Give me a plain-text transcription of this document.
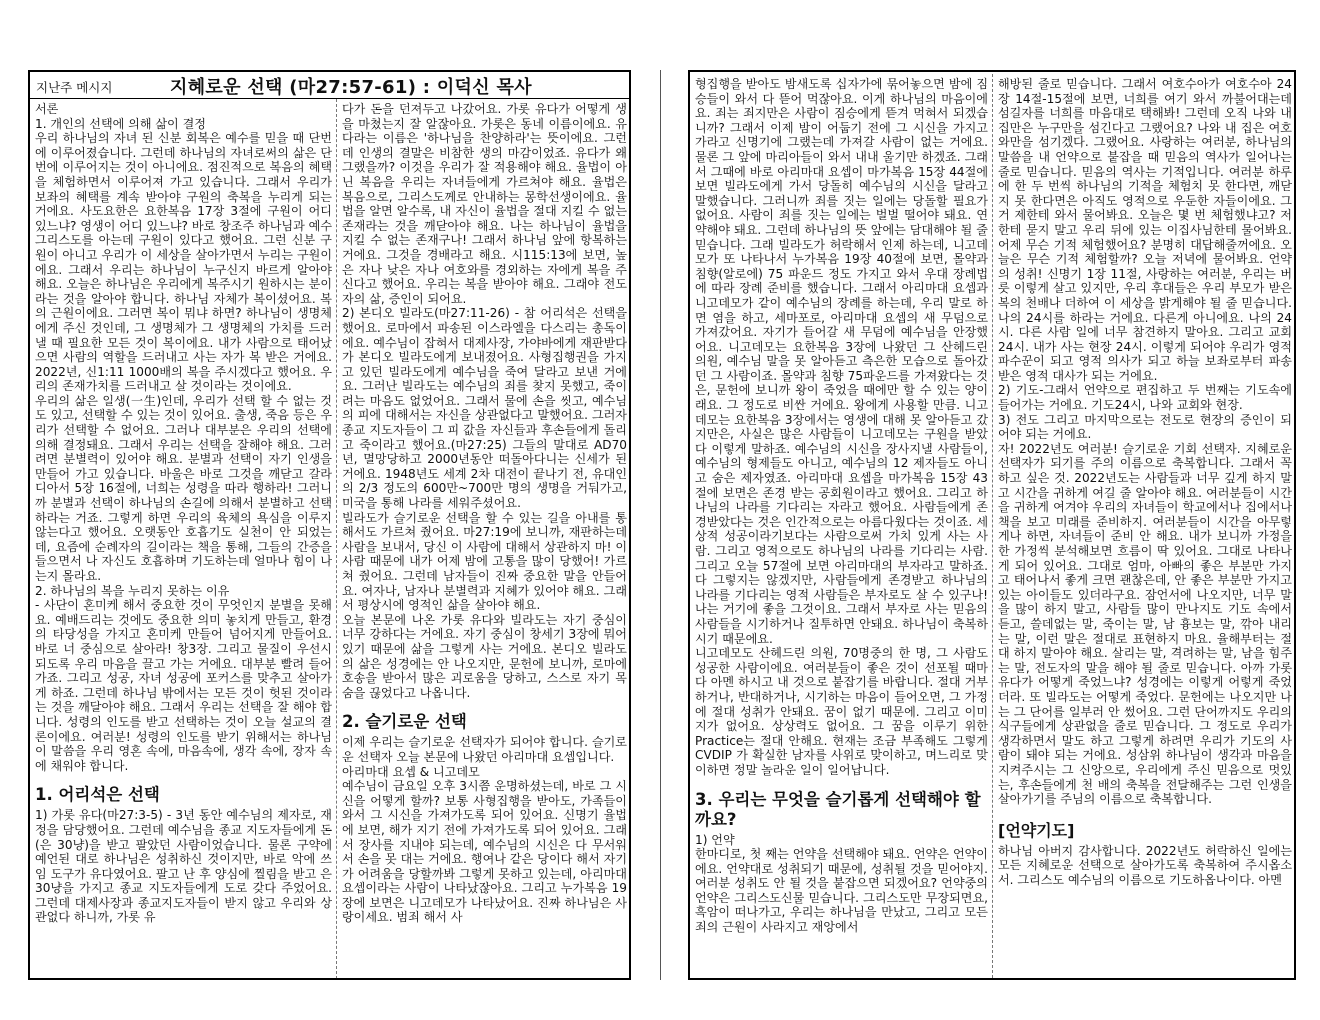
지난주 메시지	지혜로운 선택 (마27:57-61) : 이덕신 목사

서론

1. 개인의 선택에 의해 삶이 결정

우리 하나님의 자녀 된 신분 회복은 예수를 믿을 때 단번에 이루어졌습니다. 그런데 하나님의 자녀로써의 삶은 단번에 이루어지는 것이 아니에요. 점진적으로 복음의 혜택을 체험하면서 이루어져 가고 있습니다. 그래서 우리가 보좌의 혜택를 계속 받아야 구원의 축복을 누리게 되는 거에요. 사도요한은 요한복음 17장 3절에 구원이 어디 있느냐? 영생이 어디 있느냐? 바로 창조주 하나님과 예수 그리스도를 아는데 구원이 있다고 했어요. 그런 신분 구원이 아니고 우리가 이 세상을 살아가면서 누리는 구원이에요. 그래서 우리는 하나님이 누구신지 바르게 알아야 해요. 오늘은 하나님은 우리에게 복주시기 원하시는 분이라는 것을 알아야 합니다. 하나님 자체가 복이셨어요. 복의 근원이에요. 그러면 복이 뭐냐 하면? 하나님이 생명체에게 주신 것인데, 그 생명체가 그 생명체의 가치를 드러낼 때 필요한 모든 것이 복이에요. 내가 사람으로 태어났으면 사람의 역할을 드러내고 사는 자가 복 받은 거에요. 2022년, 신1:11 1000배의 복을 주시겠다고 했어요. 우리의 존재가치를 드러내고 살 것이라는 것이에요.

우리의 삶은 일생(一生)인데, 우리가 선택 할 수 없는 것도 있고, 선택할 수 있는 것이 있어요. 출생, 죽음 등은 우리가 선택할 수 없어요. 그러나 대부분은 우리의 선택에 의해 결정돼요. 그래서 우리는 선택을 잘해야 해요. 그러려면 분별력이 있어야 해요. 분별과 선택이 자기 인생을 만들어 가고 있습니다. 바울은 바로 그것을 깨닫고 갈라디아서 5장 16절에, 너희는 성령을 따라 행하라! 그러니까 분별과 선택이 하나님의 손길에 의해서 분별하고 선택하라는 거죠. 그렇게 하면 우리의 육체의 욕심을 이루지 않는다고 했어요. 오랫동안 호흡기도 실천이 안 되었는데, 요즘에 순례자의 길이라는 책을 통해, 그들의 간증을 들으면서 나 자신도 호흡하며 기도하는데 얼마나 힘이 나는지 몰라요.

2. 하나님의 복을 누리지 못하는 이유

- 사단이 혼미케 해서 중요한 것이 무엇인지 분별을 못해요. 예배드리는 것에도 중요한 의미 놓치게 만들고, 환경의 타당성을 가지고 혼미케 만들어 넘어지게 만들어요. 바로 너 중심으로 살아라! 창3장. 그리고 물질이 우선시 되도록 우리 마음을 끌고 가는 거에요. 대부분 빨려 들어가죠. 그리고 성공, 자녀 성공에 포커스를 맞추고 살아가게 하죠. 그런데 하나님 밖에서는 모든 것이 헛된 것이라는 것을 깨달아야 해요. 그래서 우리는 선택을 잘 해야 합니다. 성령의 인도를 받고 선택하는 것이 오늘 설교의 결론이에요. 여러분! 성령의 인도를 받기 위해서는 하나님이 말씀을 우리 영혼 속에, 마음속에, 생각 속에, 장자 속에 채워야 합니다.

1. 어리석은 선택

1) 가롯 유다(마27:3-5) - 3년 동안 예수님의 제자로, 재정을 담당했어요. 그런데 예수님을 종교 지도자들에게 돈(은 30냥)을 받고 팔았던 사람이었습니다. 물론 구약에 예언된 대로 하나님은 성취하신 것이지만, 바로 악에 쓰임 도구가 유다였어요. 팔고 난 후 양심에 찔림을 받고 은 30냥을 가지고 종교 지도자들에게 도로 갖다 주었어요. 그런데 대제사장과 종교지도자들이 받지 않고 우리와 상관없다 하니까, 가롯 유

다가 돈을 던져두고 나갔어요. 가롯 유다가 어떻게 생을 마쳤는지 잘 알잖아요. 가롯은 동네 이름이에요. 유다라는 이름은 '하나님을 찬양하라'는 뜻이에요. 그런데 인생의 결말은 비참한 생의 마감이었죠. 유다가 왜 그랬을까? 이것을 우리가 잘 적용해야 해요. 율법이 아닌 복음을 우리는 자녀들에게 가르쳐야 해요. 율법은 복음으로, 그리스도께로 안내하는 몽학선생이에요. 율법을 알면 알수록, 내 자신이 율법을 절대 지킬 수 없는 존재라는 것을 깨닫아야 해요. 나는 하나님이 율법을 지킬 수 없는 존재구나! 그래서 하나님 앞에 항복하는 거에요. 그것을 경배라고 해요. 시115:13에 보면, 높은 자나 낮은 자나 여호와를 경외하는 자에게 복을 주신다고 했어요. 우리는 복을 받아야 해요. 그래야 전도자의 삶, 증인이 되어요.

2) 본디오 빌라도(마27:11-26) - 참 어리석은 선택을 했어요. 로마에서 파송된 이스라엘을 다스리는 총독이에요. 예수님이 잡혀서 대제사장, 가야바에게 재판받다가 본디오 빌라도에게 보내졌어요. 사형집행권을 가지고 있던 빌라도에게 예수님을 죽여 달라고 보낸 거에요. 그러난 빌라도는 예수님의 죄를 찾지 못했고, 죽이려는 마음도 없었어요. 그래서 물에 손을 씻고, 예수님의 피에 대해서는 자신을 상관없다고 말했어요. 그러자 종교 지도자들이 그 피 값을 자신들과 후손들에게 돌리고 죽이라고 했어요.(마27:25) 그들의 말대로 AD70년, 멸망당하고 2000년동안 떠돌아다니는 신세가 된 거에요. 1948년도 세계 2차 대전이 끝나기 전, 유대인의 2/3 정도의 600만~700만 명의 생명을 거둬가고, 미국을 통해 나라를 세워주셨어요.

빌라도가 슬기로운 선택을 할 수 있는 길을 아내를 통해서도 가르쳐 줬어요. 마27:19에 보니까, 재판하는데 사람을 보내서, 당신 이 사람에 대해서 상관하지 마! 이 사람 때문에 내가 어제 밤에 고통을 많이 당했어! 가르쳐 줬어요. 그런데 남자들이 진짜 중요한 말을 안들어요. 여자나, 남자나 분별력과 지혜가 있어야 해요. 그래서 평상시에 영적인 삶을 살아야 해요.

오늘 본문에 나온 가롯 유다와 빌라도는 자기 중심이 너무 강하다는 거에요. 자기 중심이 창세기 3장에 뭐어있기 때문에 삶을 그렇게 사는 거에요. 본디오 빌라도의 삶은 성경에는 안 나오지만, 문헌에 보니까, 로마에 호송을 받아서 많은 괴로움을 당하고, 스스로 자기 목숨을 끊었다고 나옵니다.

2. 슬기로운 선택

이제 우리는 슬기로운 선택자가 되어야 합니다. 슬기로운 선택자 오늘 본문에 나왔던 아리마대 요셉입니다.

아리마대 요셉 & 니고데모

예수님이 금요일 오후 3시쯤 운명하셨는데, 바로 그 시신을 어떻게 할까? 보통 사형집행을 받아도, 가족들이 와서 그 시신을 가져가도록 되어 있어요. 신명기 율법에 보면, 해가 지기 전에 가져가도록 되어 있어요. 그래서 장사를 지내야 되는데, 예수님의 시신은 다 무서워서 손을 못 대는 거에요. 행여나 같은 당이다 해서 자기가 어려움을 당할까봐 그렇게 못하고 있는데, 아리마대 요셉이라는 사람이 나타났잖아요. 그리고 누가복음 19장에 보면은 니고데모가 나타났어요. 진짜 하나님은 사랑이세요. 범죄 해서 사

형집행을 받아도 밤새도록 십자가에 묶어놓으면 밤에 짐승들이 와서 다 뜯어 먹잖아요. 이게 하나님의 마음이에요. 죄는 죄지만은 사람이 짐승에게 뜯겨 먹혀서 되겠습니까? 그래서 이제 밤이 어둡기 전에 그 시신을 가지고 가라고 신명기에 그랬는데 가져갈 사람이 없는 거에요. 물론 그 앞에 마리아들이 와서 내내 울기만 하겠죠. 그래서 그때에 바로 아리마대 요셉이 마가복음 15장 44절에 보면 빌라도에게 가서 당돌히 예수님의 시신을 달라고 말했습니다. 그러니까 죄를 짓는 일에는 당돌할 필요가 없어요. 사람이 죄를 짓는 일에는 벌벌 떨어야 돼요. 연약해야 돼요. 그런데 하나님의 뜻 앞에는 담대해야 될 줄 믿습니다. 그래 빌라도가 허락해서 인제 하는데, 니고데모가 또 나타나서 누가복음 19장 40절에 보면, 몰약과 침향(알로에) 75 파운드 정도 가지고 와서 우대 장례법에 따라 장례 준비를 했습니다. 그래서 아리마대 요셉과 니고데모가 같이 예수님의 장례를 하는데, 우리 말로 하면 염을 하고, 세마포로, 아리마대 요셉의 새 무덤으로 가져갔어요. 자기가 들어갈 새 무덤에 예수님을 안장했어요. 니고데모는 요한복음 3장에 나왔던 그 산헤드린 의원, 예수님 말을 못 알아듣고 측은한 모습으로 돌아갔던 그 사람이죠. 몰약과 침향 75파운드를 가져왔다는 것은, 문헌에 보니까 왕이 죽었을 때에만 할 수 있는 양이래요. 그 정도로 비싼 거에요. 왕에게 사용할 만큼. 니고데모는 요한복음 3장에서는 영생에 대해 못 알아듣고 갔지만은, 사실은 많은 사람들이 니고데모는 구원을 받았다 이렇게 말하죠. 예수님의 시신을 장사지낼 사람들이, 예수님의 형제들도 아니고, 예수님의 12 제자들도 아니고 숨은 제자였죠. 아리마대 요셉을 마가복음 15장 43절에 보면은 존경 받는 공회원이라고 했어요. 그리고 하나님의 나라를 기다리는 자라고 했어요. 사람들에게 존경받았다는 것은 인간적으로는 아름다웠다는 것이죠. 세상적 성공이라기보다는 사람으로써 가치 있게 사는 사람. 그리고 영적으로도 하나님의 나라를 기다리는 사람. 그리고 오늘 57절에 보면 아리마대의 부자라고 말하죠. 다 그렇지는 않겠지만, 사람들에게 존경받고 하나님의 나라를 기다리는 영적 사람들은 부자로도 살 수 있구나! 나는 거기에 좋을 그것이요. 그래서 부자로 사는 믿음의 사람들을 시기하거나 질투하면 안돼요. 하나님이 축복하시기 때문에요.

니고데모도 산헤드린 의원, 70명중의 한 명, 그 사람도 성공한 사람이에요. 여러분들이 좋은 것이 선포될 때마다 아멘 하시고 내 것으로 붙잡기를 바랍니다. 절대 거부하거나, 반대하거나, 시기하는 마음이 들어오면, 그 가정에 절대 성취가 안돼요. 꿈이 없기 때문에. 그리고 이미지가 없어요. 상상력도 없어요. 그 꿈을 이루기 위한 Practice는 절대 안해요. 현재는 조금 부족해도 그렇게 CVDIP 가 확실한 남자를 사위로 맞이하고, 며느리로 맞이하면 정말 놀라운 일이 일어납니다.

3. 우리는 무엇을 슬기롭게 선택해야 할까요?

1) 언약

한마디로, 첫 째는 언약을 선택해야 돼요. 언약은 언약이에요. 언약대로 성취되기 때문에, 성취될 것을 믿어야지. 여러분 성취도 안 될 것을 붙잡으면 되겠어요? 언약중의 언약은 그리스도신물 믿습니다. 그리스도만 무장되면요, 흑암이 떠나가고, 우리는 하나님을 만났고, 그리고 모든 죄의 근원이 사라지고 재앙에서

해방된 줄로 믿습니다. 그래서 여호수아가 여호수아 24장 14절-15절에 보면, 너희를 여기 와서 까불어대는데 섬길자를 너희를 마음대로 택해봐! 그런데 오직 나와 내 집만은 누구만을 섬긴다고 그랬어요? 나와 내 집은 여호와만을 섬기겠다. 그랬어요. 사랑하는 여러분, 하나님의 말씀을 내 언약으로 붙잡을 때 믿음의 역사가 일어나는 줄로 믿습니다. 믿음의 역사는 기적입니다. 여러분 하루에 한 두 번씩 하나님의 기적을 체험치 못 한다면, 깨닫지 못 한다면은 아직도 영적으로 우둔한 자들이에요. 그거 제한테 와서 물어봐요. 오늘은 몇 번 체험했냐고? 저한테 묻지 말고 우리 뒤에 있는 이집사님한테 물어봐요. 어제 무슨 기적 체험했어요? 분명히 대답해줄꺼에요. 오늘은 무슨 기적 체험할까? 오늘 저녁에 물어봐요. 언약의 성취! 신명기 1장 11절, 사랑하는 여러분, 우리는 버릇 이렇게 살고 있지만, 우리 후대들은 우리 부모가 받은 복의 천배나 더하여 이 세상을 밝게해야 될 줄 믿습니다. 나의 24시를 하라는 거에요. 다른게 아니에요. 나의 24시. 다른 사람 일에 너무 참견하지 말아요. 그리고 교회 24시. 내가 사는 현장 24시. 이렇게 되어야 우리가 영적 파수꾼이 되고 영적 의사가 되고 하늘 보좌로부터 파송 받은 영적 대사가 되는 거에요.

2) 기도-그래서 언약으로 편집하고 두 번째는 기도속에 들어가는 거에요. 기도24시, 나와 교회와 현장.

3) 전도 그리고 마지막으로는 전도로 현장의 증인이 되어야 되는 거에요.

자! 2022년도 여러분! 슬기로운 기회 선택자. 지혜로운 선택자가 되기를 주의 이름으로 축복합니다. 그래서 꼭 하고 싶은 것. 2022년도는 사람들과 너무 깊게 하지 말고 시간을 귀하게 여길 줄 알아야 해요. 여러분들이 시간을 귀하게 여겨야 우리의 자녀들이 학교에서나 집에서나 책을 보고 미래를 준비하지. 여러분들이 시간을 아무렇게나 하면, 자녀들이 준비 안 해요. 내가 보니까 가정을 한 가정씩 분석해보면 흐름이 딱 있어요. 그대로 나타나게 되어 있어요. 그대로 엄마, 아빠의 좋은 부분만 가지고 태어나서 좋게 크면 괜찮은데, 안 좋은 부분만 가지고 있는 아이들도 있더라구요. 잠언서에 나오지만, 너무 말을 많이 하지 말고, 사람들 많이 만나지도 기도 속에서 듣고, 쓸데없는 말, 죽이는 말, 남 흉보는 말, 깎아 내리는 말, 이런 말은 절대로 표현하지 마요. 율해부터는 절대 하지 말아야 해요. 살리는 말, 격려하는 말, 남을 힘주는 말, 전도자의 말을 해야 될 줄로 믿습니다. 아까 가롯 유다가 어떻게 죽었느냐? 성경에는 이렇게 어렇게 죽었더라. 또 빌라도는 어떻게 죽었다. 문헌에는 나오지만 나는 그 단어를 일부러 안 썼어요. 그런 단어까지도 우리의 식구들에게 상관없을 줄로 믿습니다. 그 정도로 우리가 생각하면서 말도 하고 그렇게 하려면 우리가 기도의 사람이 돼야 되는 거에요. 성삼위 하나님이 생각과 마음을 지켜주시는 그 신앙으로, 우리에게 주신 믿음으로 멋있는, 후손들에게 천 배의 축복을 전달해주는 그런 인생을 살아가기를 주님의 이름으로 축복합니다.

[언약기도]

하나님 아버지 감사합니다. 2022년도 허락하신 일에는 모든 지혜로운 선택으로 살아가도록 축복하여 주시옵소서. 그리스도 예수님의 이름으로 기도하옵나이다. 아멘
